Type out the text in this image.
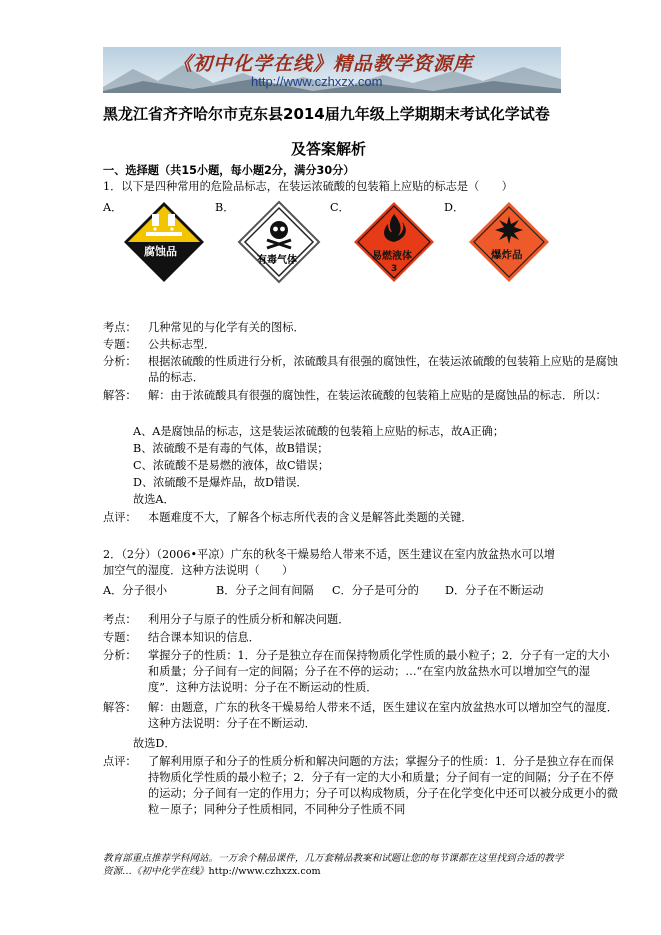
《初中化学在线》精品教学资源库
http://www.czhxzx.com
黑龙江省齐齐哈尔市克东县2014届九年级上学期期末考试化学试卷
及答案解析
一、选择题（共15小题，每小题2分，满分30分）
1．以下是四种常用的危险品标志，在装运浓硫酸的包装箱上应贴的标志是（　　）
A．	B．	C．	D．
腐蚀品
有毒气体	易燃液体
3
爆炸品
考点：	几种常见的与化学有关的图标．
专题：	公共标志型．
分析：	根据浓硫酸的性质进行分析，浓硫酸具有很强的腐蚀性，在装运浓硫酸的包装箱上应贴的是腐蚀品的标志．
解答：	解：由于浓硫酸具有很强的腐蚀性，在装运浓硫酸的包装箱上应贴的是腐蚀品的标志．所以：
A、A是腐蚀品的标志，这是装运浓硫酸的包装箱上应贴的标志，故A正确；
B、浓硫酸不是有毒的气体，故B错误；
C、浓硫酸不是易燃的液体，故C错误；
D、浓硫酸不是爆炸品，故D错误．
故选A．
点评：	本题难度不大，了解各个标志所代表的含义是解答此类题的关键．
2．（2分）（2006•平凉）广东的秋冬干燥易给人带来不适，医生建议在室内放盆热水可以增
加空气的湿度．这种方法说明（　　）
A．分子很小	B．分子之间有间隔 C．分子是可分的 D．分子在不断运动
考点：	利用分子与原子的性质分析和解决问题．
专题：	结合课本知识的信息．
分析：	掌握分子的性质：1．分子是独立存在而保持物质化学性质的最小粒子；2．分子有一定的大小和质量；分子间有一定的间隔；分子在不停的运动；…“在室内放盆热水可以增加空气的湿度”．这种方法说明：分子在不断运动的性质．
解答：	解：由题意，广东的秋冬干燥易给人带来不适，医生建议在室内放盆热水可以增加空气的湿度．这种方法说明：分子在不断运动．
故选D．
点评：	了解利用原子和分子的性质分析和解决问题的方法；掌握分子的性质：1．分子是独立存在而保持物质化学性质的最小粒子；2．分子有一定的大小和质量；分子间有一定的间隔；分子在不停的运动；分子间有一定的作用力；分子可以构成物质，分子在化学变化中还可以被分成更小的微粒－原子；同种分子性质相同，不同种分子性质不同
教育部重点推荐学科网站。一万余个精品课件，几万套精品教案和试题让您的每节课都在这里找到合适的教学资源…《初中化学在线》http://www.czhxzx.com
